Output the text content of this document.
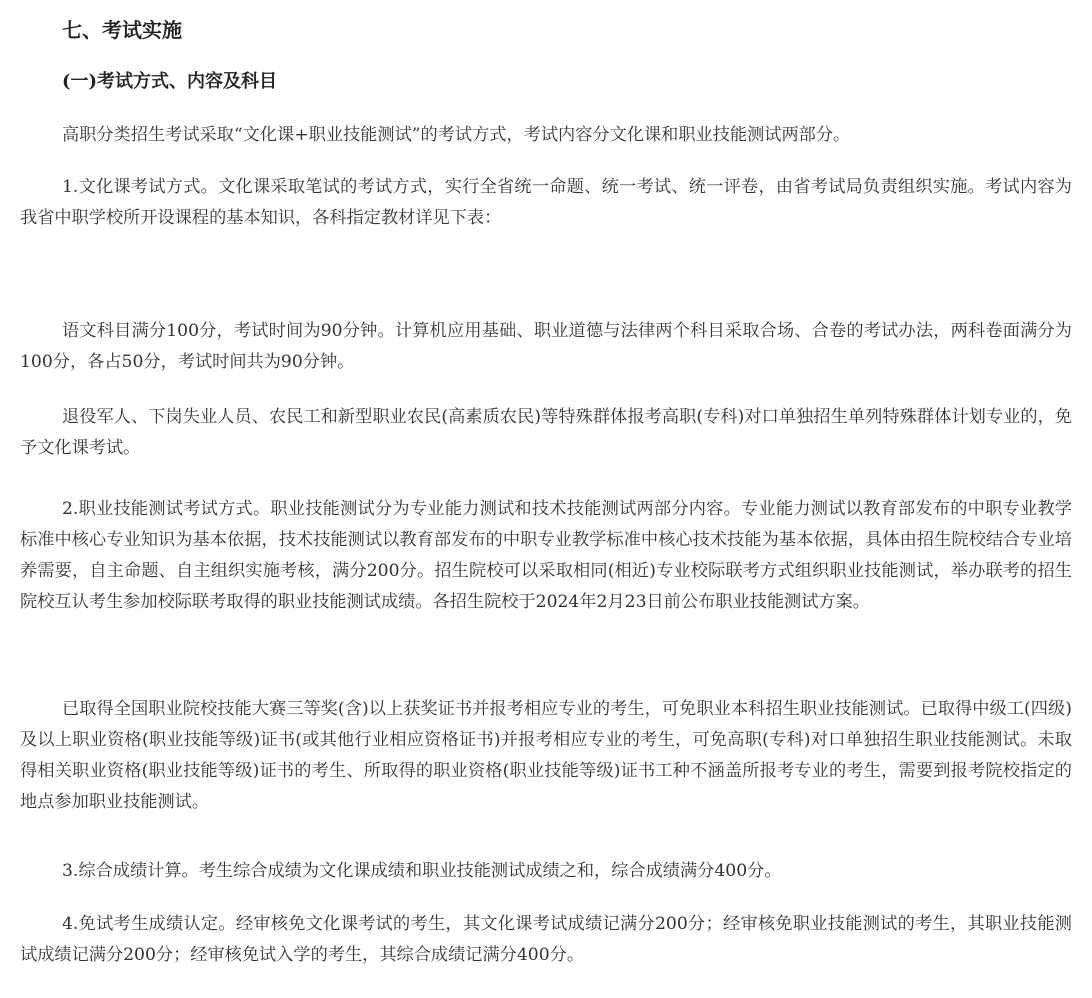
七、考试实施
(一)考试方式、内容及科目

高职分类招生考试采取“文化课+职业技能测试”的考试方式，考试内容分文化课和职业技能测试两部分。

1.文化课考试方式。文化课采取笔试的考试方式，实行全省统一命题、统一考试、统一评卷，由省考试局负责组织实施。考试内容为我省中职学校所开设课程的基本知识，各科指定教材详见下表：

语文科目满分100分，考试时间为90分钟。计算机应用基础、职业道德与法律两个科目采取合场、合卷的考试办法，两科卷面满分为100分，各占50分，考试时间共为90分钟。

退役军人、下岗失业人员、农民工和新型职业农民(高素质农民)等特殊群体报考高职(专科)对口单独招生单列特殊群体计划专业的，免予文化课考试。

2.职业技能测试考试方式。职业技能测试分为专业能力测试和技术技能测试两部分内容。专业能力测试以教育部发布的中职专业教学标准中核心专业知识为基本依据，技术技能测试以教育部发布的中职专业教学标准中核心技术技能为基本依据，具体由招生院校结合专业培养需要，自主命题、自主组织实施考核，满分200分。招生院校可以采取相同(相近)专业校际联考方式组织职业技能测试，举办联考的招生院校互认考生参加校际联考取得的职业技能测试成绩。各招生院校于2024年2月23日前公布职业技能测试方案。

已取得全国职业院校技能大赛三等奖(含)以上获奖证书并报考相应专业的考生，可免职业本科招生职业技能测试。已取得中级工(四级)及以上职业资格(职业技能等级)证书(或其他行业相应资格证书)并报考相应专业的考生，可免高职(专科)对口单独招生职业技能测试。未取得相关职业资格(职业技能等级)证书的考生、所取得的职业资格(职业技能等级)证书工种不涵盖所报考专业的考生，需要到报考院校指定的地点参加职业技能测试。

3.综合成绩计算。考生综合成绩为文化课成绩和职业技能测试成绩之和，综合成绩满分400分。

4.免试考生成绩认定。经审核免文化课考试的考生，其文化课考试成绩记满分200分；经审核免职业技能测试的考生，其职业技能测试成绩记满分200分；经审核免试入学的考生，其综合成绩记满分400分。
